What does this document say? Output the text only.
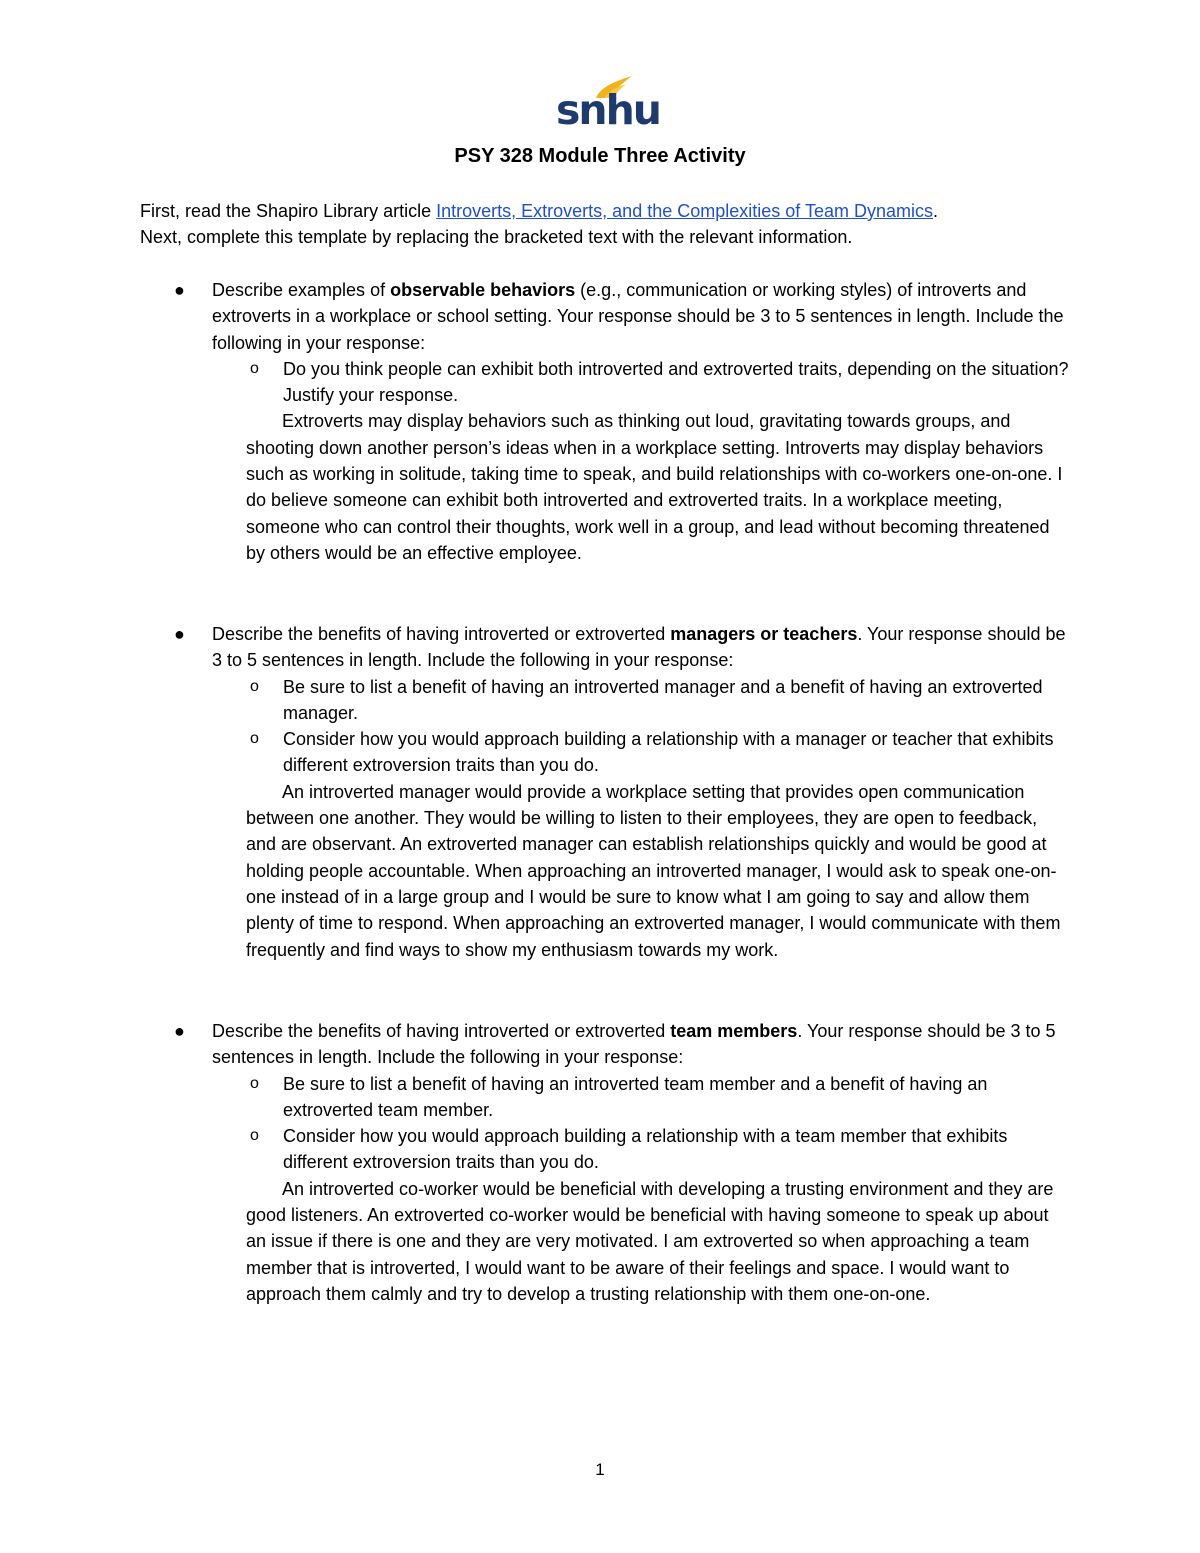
snhu
PSY 328 Module Three Activity

First, read the Shapiro Library article Introverts, Extroverts, and the Complexities of Team Dynamics.

Next, complete this template by replacing the bracketed text with the relevant information.

● Describe examples of observable behaviors (e.g., communication or working styles) of introverts and extroverts in a workplace or school setting. Your response should be 3 to 5 sentences in length. Include the following in your response:

o Do you think people can exhibit both introverted and extroverted traits, depending on the situation? Justify your response.

Extroverts may display behaviors such as thinking out loud, gravitating towards groups, and shooting down another person’s ideas when in a workplace setting. Introverts may display behaviors such as working in solitude, taking time to speak, and build relationships with co-workers one-on-one. I do believe someone can exhibit both introverted and extroverted traits. In a workplace meeting, someone who can control their thoughts, work well in a group, and lead without becoming threatened by others would be an effective employee.

● Describe the benefits of having introverted or extroverted managers or teachers. Your response should be 3 to 5 sentences in length. Include the following in your response:

o Be sure to list a benefit of having an introverted manager and a benefit of having an extroverted manager.
o Consider how you would approach building a relationship with a manager or teacher that exhibits different extroversion traits than you do.

An introverted manager would provide a workplace setting that provides open communication between one another. They would be willing to listen to their employees, they are open to feedback, and are observant. An extroverted manager can establish relationships quickly and would be good at holding people accountable. When approaching an introverted manager, I would ask to speak one-on-one instead of in a large group and I would be sure to know what I am going to say and allow them plenty of time to respond. When approaching an extroverted manager, I would communicate with them frequently and find ways to show my enthusiasm towards my work.

● Describe the benefits of having introverted or extroverted team members. Your response should be 3 to 5 sentences in length. Include the following in your response:

o Be sure to list a benefit of having an introverted team member and a benefit of having an extroverted team member.
o Consider how you would approach building a relationship with a team member that exhibits different extroversion traits than you do.

An introverted co-worker would be beneficial with developing a trusting environment and they are good listeners. An extroverted co-worker would be beneficial with having someone to speak up about an issue if there is one and they are very motivated. I am extroverted so when approaching a team member that is introverted, I would want to be aware of their feelings and space. I would want to approach them calmly and try to develop a trusting relationship with them one-on-one.

1
